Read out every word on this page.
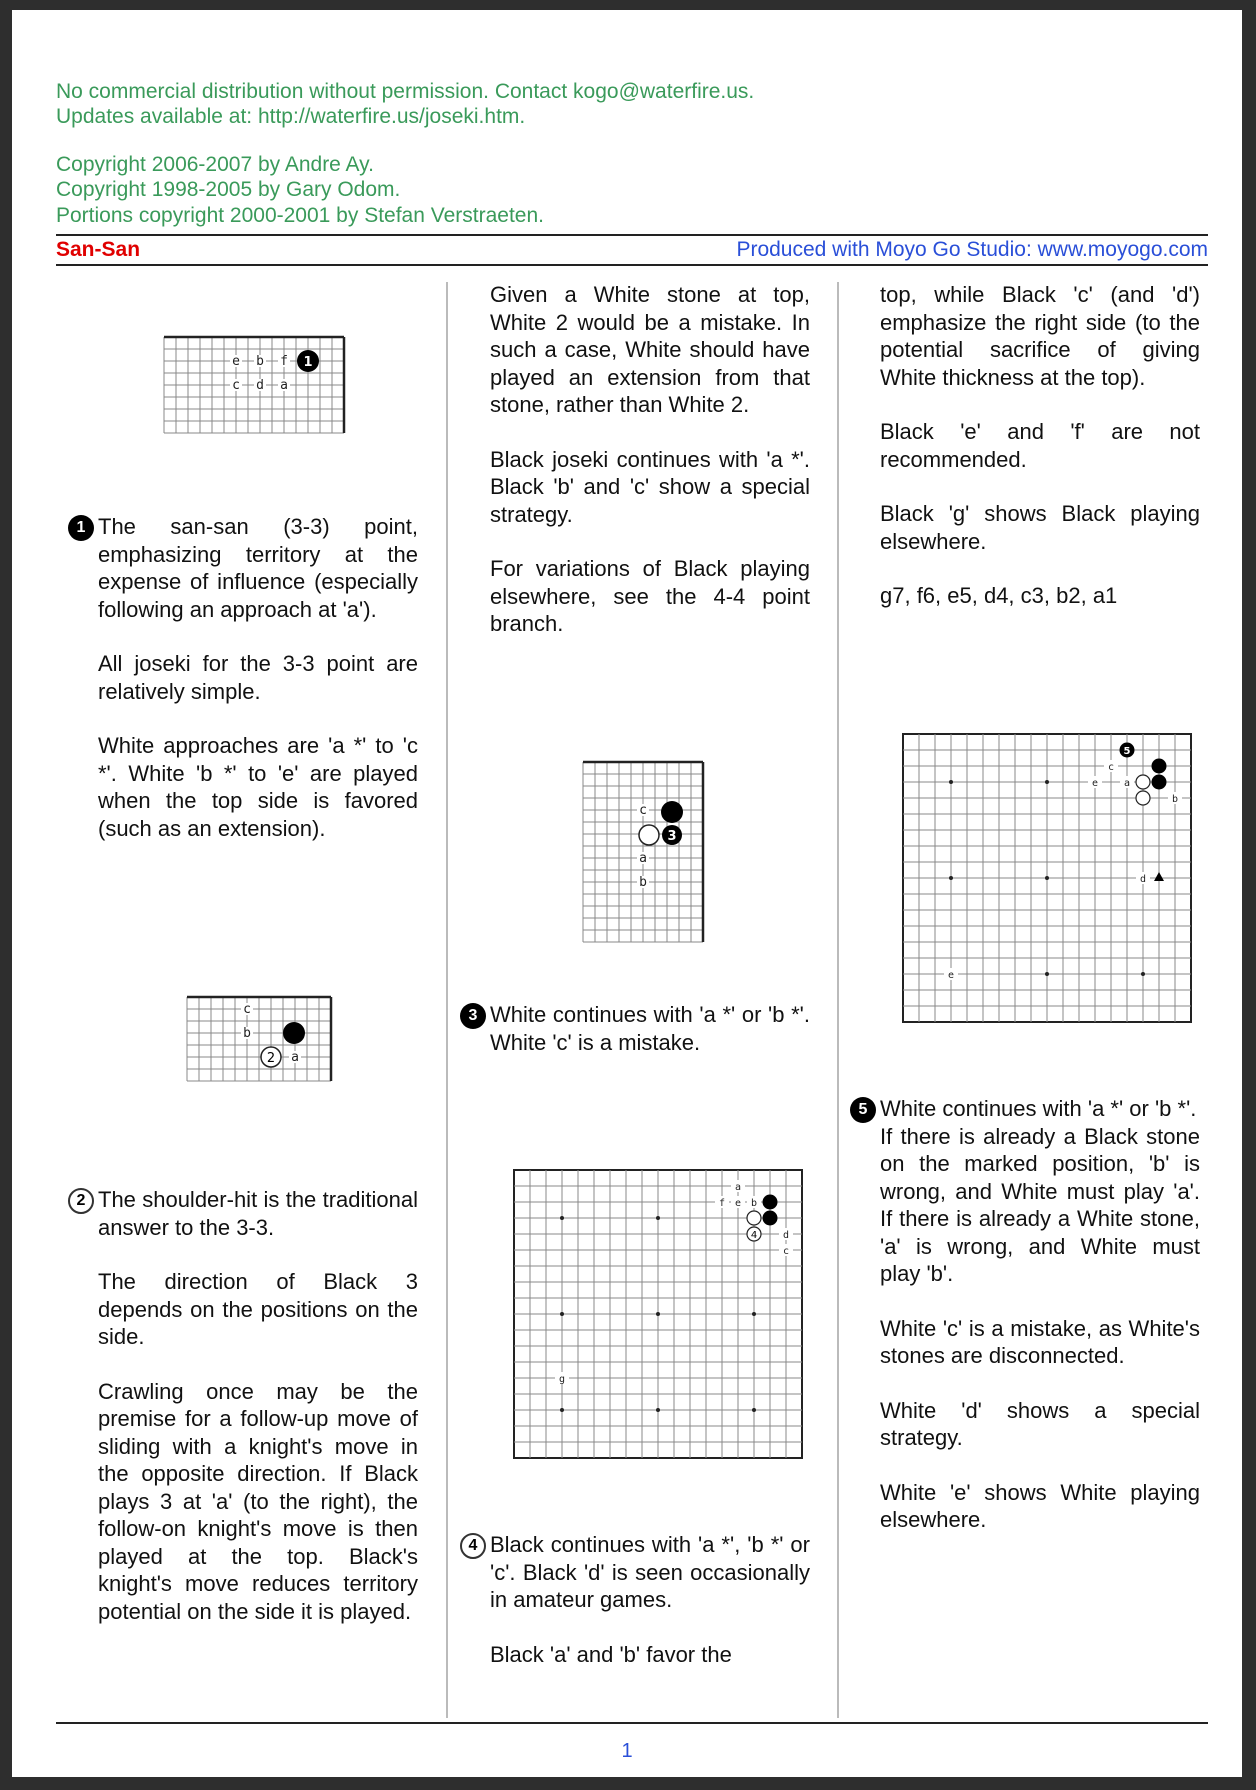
No commercial distribution without permission. Contact kogo@waterfire.us.
Updates available at: http://waterfire.us/joseki.htm.
Copyright 2006-2007 by Andre Ay.
Copyright 1998-2005 by Gary Odom.
Portions copyright 2000-2001 by Stefan Verstraeten.
San-San	Produced with Moyo Go Studio: www.moyogo.com
e b f
c d a
1
1 The san-san (3-3) point, emphasizing territory at the expense of influence (especially following an approach at 'a').

All joseki for the 3-3 point are relatively simple.

White approaches are 'a *' to 'c *'. White 'b *' to 'e' are played when the top side is favored (such as an extension).

c
b
a
2
2 The shoulder-hit is the traditional answer to the 3-3.

The direction of Black 3 depends on the positions on the side.

Crawling once may be the premise for a follow-up move of sliding with a knight's move in the opposite direction. If Black plays 3 at 'a' (to the right), the follow-on knight's move is then played at the top. Black's knight's move reduces territory potential on the side it is played.

Given a White stone at top, White 2 would be a mistake. In such a case, White should have played an extension from that stone, rather than White 2.

Black joseki continues with 'a *'. Black 'b' and 'c' show a special strategy.

For variations of Black playing elsewhere, see the 4-4 point branch.

c
a
b
3
3 White continues with 'a *' or 'b *'. White 'c' is a mistake.

a
f e b
d
c
g
4
4 Black continues with 'a *', 'b *' or 'c'. Black 'd' is seen occasionally in amateur games.

Black 'a' and 'b' favor the

top, while Black 'c' (and 'd') emphasize the right side (to the potential sacrifice of giving White thickness at the top).

Black 'e' and 'f' are not recommended.

Black 'g' shows Black playing elsewhere.

g7, f6, e5, d4, c3, b2, a1

c
e	a
b
d
e
5
5 White continues with 'a *' or 'b *'.

If there is already a Black stone on the marked position, 'b' is wrong, and White must play 'a'. If there is already a White stone, 'a' is wrong, and White must play 'b'.

White 'c' is a mistake, as White's stones are disconnected.

White 'd' shows a special strategy.

White 'e' shows White playing elsewhere.

1
